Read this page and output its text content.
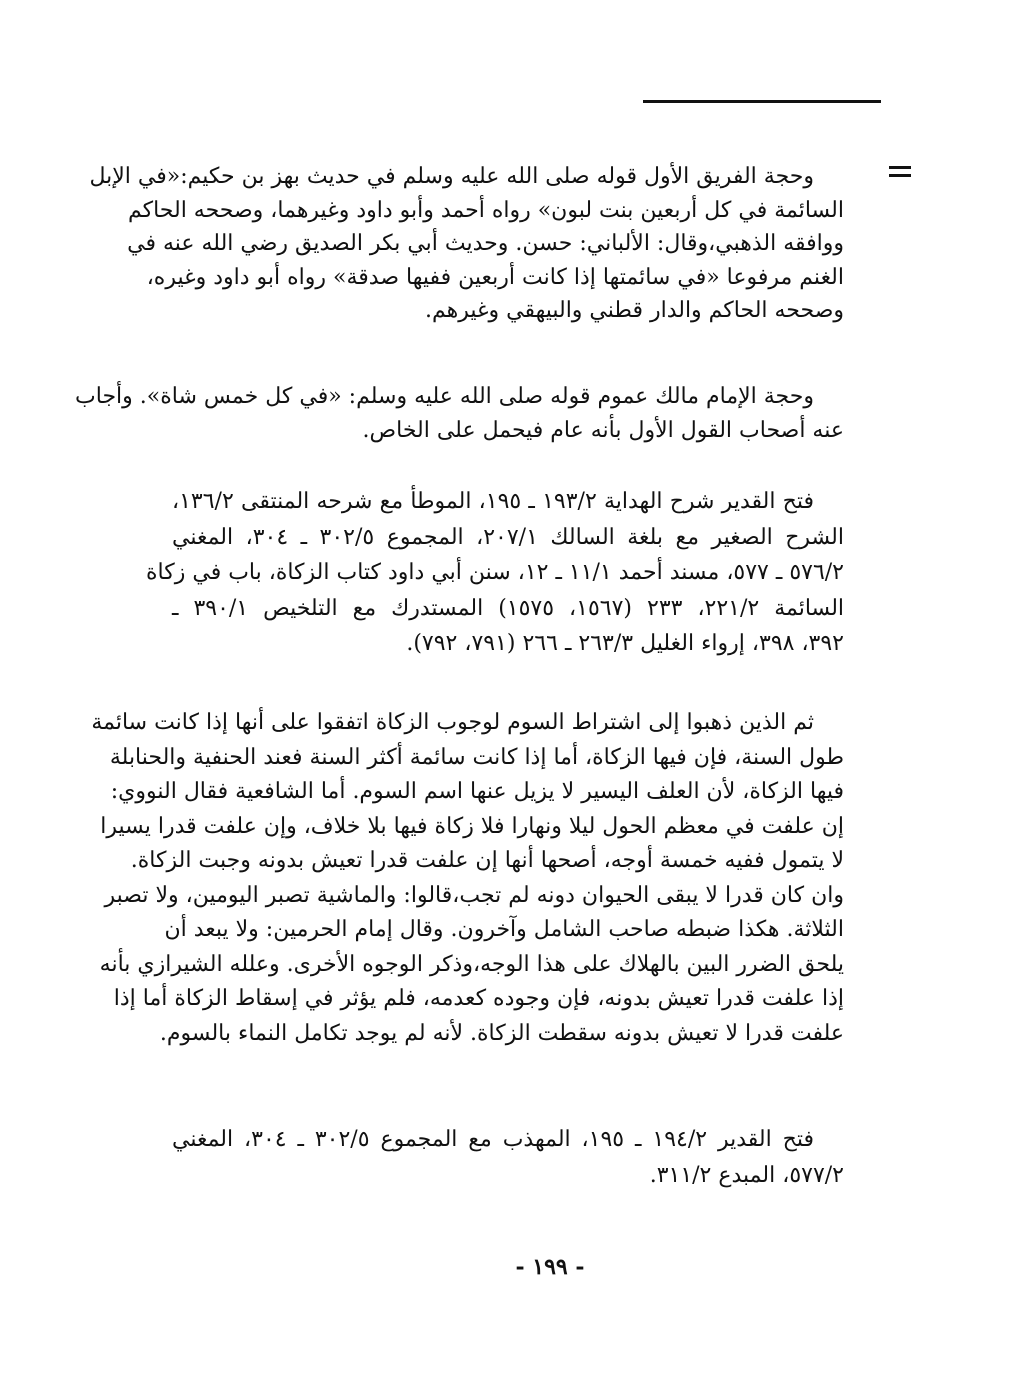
وحجة الفريق الأول قوله صلى الله عليه وسلم في حديث بهز بن حكيم:«في الإبل
السائمة في كل أربعين بنت لبون» رواه أحمد وأبو داود وغيرهما، وصححه الحاكم
ووافقه الذهبي،وقال: الألباني: حسن. وحديث أبي بكر الصديق رضي الله عنه في
الغنم مرفوعا «في سائمتها إذا كانت أربعين ففيها صدقة» رواه أبو داود وغيره،
وصححه الحاكم والدار قطني والبيهقي وغيرهم.
وحجة الإمام مالك عموم قوله صلى الله عليه وسلم: «في كل خمس شاة». وأجاب
عنه أصحاب القول الأول بأنه عام فيحمل على الخاص.
فتح القدير شرح الهداية ١٩٣/٢ ـ ١٩٥، الموطأ مع شرحه المنتقى ١٣٦/٢،
الشرح الصغير مع بلغة السالك ٢٠٧/١، المجموع ٣٠٢/٥ ـ ٣٠٤، المغني
٥٧٦/٢ ـ ٥٧٧، مسند أحمد ١١/١ ـ ١٢، سنن أبي داود كتاب الزكاة، باب في زكاة
السائمة ٢٢١/٢، ٢٣٣ (١٥٦٧، ١٥٧٥) المستدرك مع التلخيص ٣٩٠/١ ـ
٣٩٢، ٣٩٨، إرواء الغليل ٢٦٣/٣ ـ ٢٦٦ (٧٩١، ٧٩٢).
ثم الذين ذهبوا إلى اشتراط السوم لوجوب الزكاة اتفقوا على أنها إذا كانت سائمة
طول السنة، فإن فيها الزكاة، أما إذا كانت سائمة أكثر السنة فعند الحنفية والحنابلة
فيها الزكاة، لأن العلف اليسير لا يزيل عنها اسم السوم. أما الشافعية فقال النووي:
إن علفت في معظم الحول ليلا ونهارا فلا زكاة فيها بلا خلاف، وإن علفت قدرا يسيرا
لا يتمول ففيه خمسة أوجه، أصحها أنها إن علفت قدرا تعيش بدونه وجبت الزكاة.
وان كان قدرا لا يبقى الحيوان دونه لم تجب،قالوا: والماشية تصبر اليومين، ولا تصبر
الثلاثة. هكذا ضبطه صاحب الشامل وآخرون. وقال إمام الحرمين: ولا يبعد أن
يلحق الضرر البين بالهلاك على هذا الوجه،وذكر الوجوه الأخرى. وعلله الشيرازي بأنه
إذا علفت قدرا تعيش بدونه، فإن وجوده كعدمه، فلم يؤثر في إسقاط الزكاة أما إذا
علفت قدرا لا تعيش بدونه سقطت الزكاة. لأنه لم يوجد تكامل النماء بالسوم.
فتح القدير ١٩٤/٢ ـ ١٩٥، المهذب مع المجموع ٣٠٢/٥ ـ ٣٠٤، المغني
٥٧٧/٢، المبدع ٣١١/٢.
- ١٩٩ -
